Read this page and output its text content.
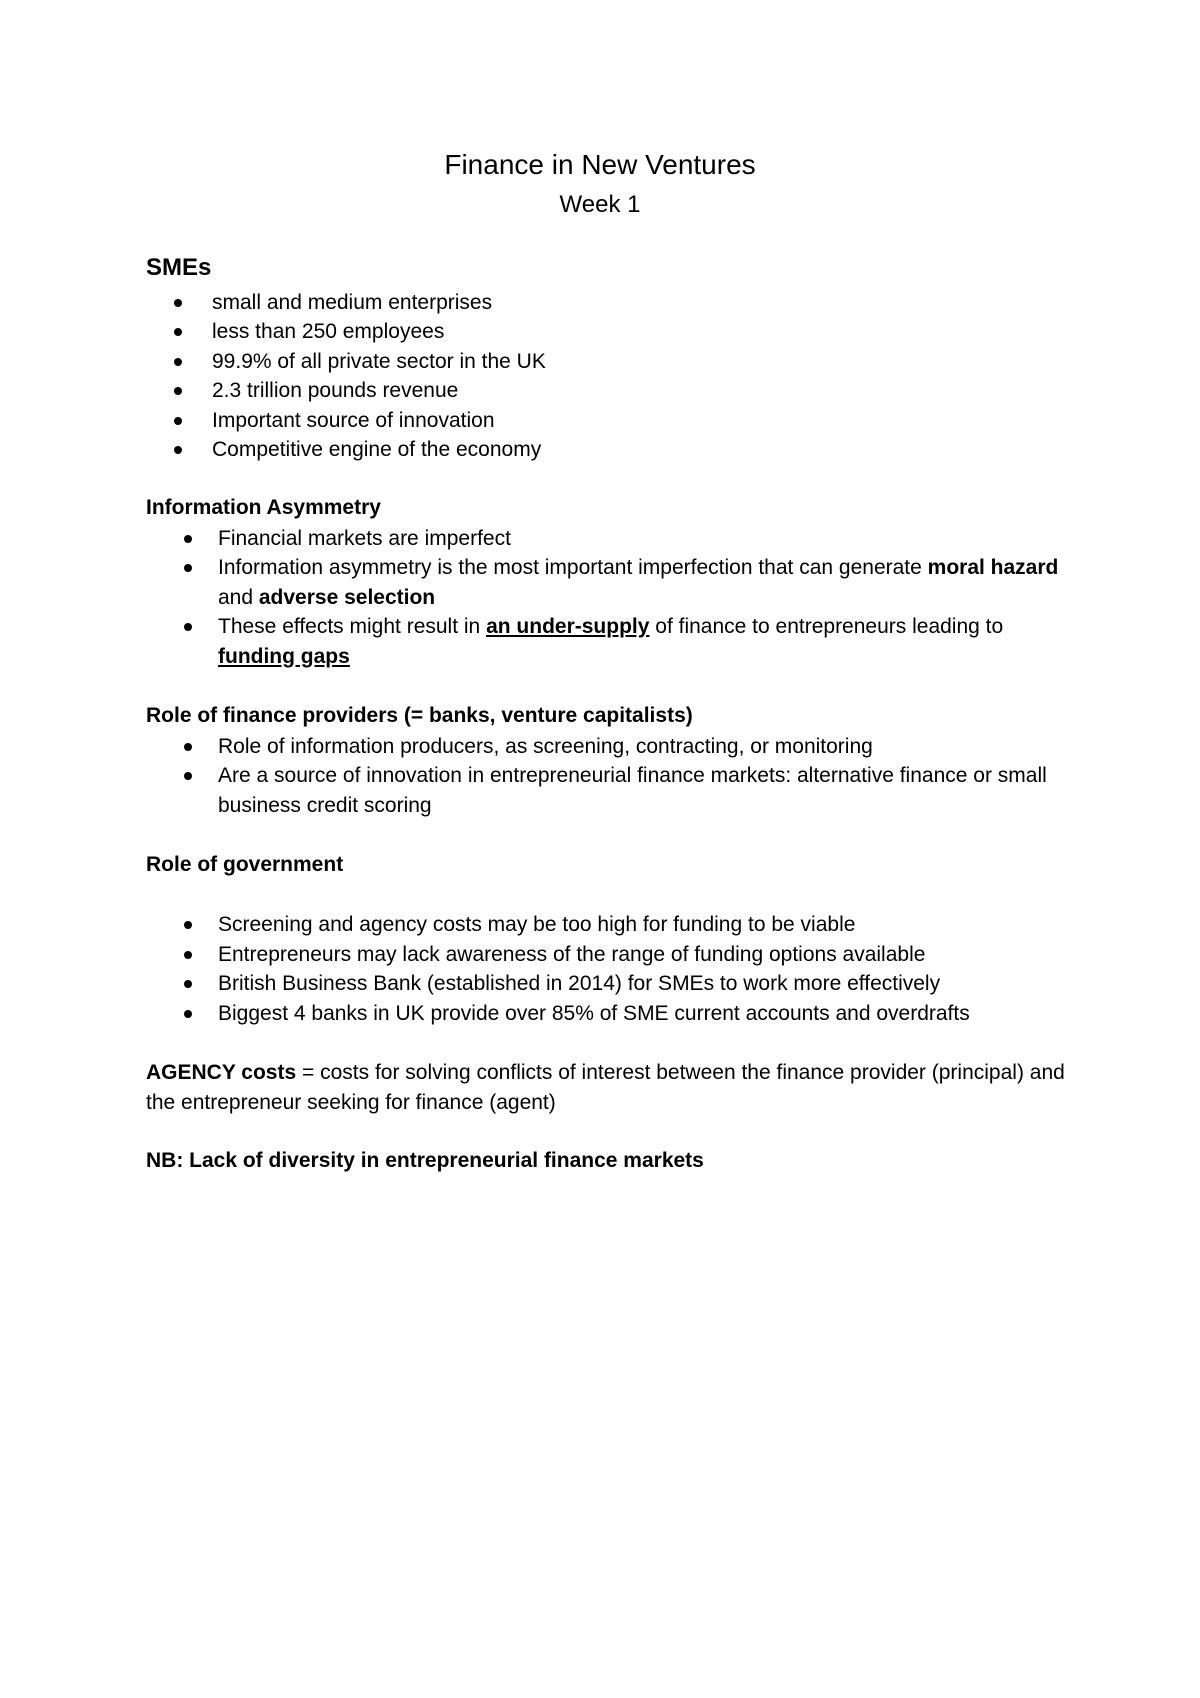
Finance in New Ventures
Week 1
SMEs
small and medium enterprises
less than 250 employees
99.9% of all private sector in the UK
2.3 trillion pounds revenue
Important source of innovation
Competitive engine of the economy
Information Asymmetry
Financial markets are imperfect
Information asymmetry is the most important imperfection that can generate moral hazard and adverse selection
These effects might result in an under-supply of finance to entrepreneurs leading to funding gaps
Role of finance providers (= banks, venture capitalists)
Role of information producers, as screening, contracting, or monitoring
Are a source of innovation in entrepreneurial finance markets: alternative finance or small business credit scoring
Role of government
Screening and agency costs may be too high for funding to be viable
Entrepreneurs may lack awareness of the range of funding options available
British Business Bank (established in 2014) for SMEs to work more effectively
Biggest 4 banks in UK provide over 85% of SME current accounts and overdrafts
AGENCY costs = costs for solving conflicts of interest between the finance provider (principal) and the entrepreneur seeking for finance (agent)
NB: Lack of diversity in entrepreneurial finance markets
